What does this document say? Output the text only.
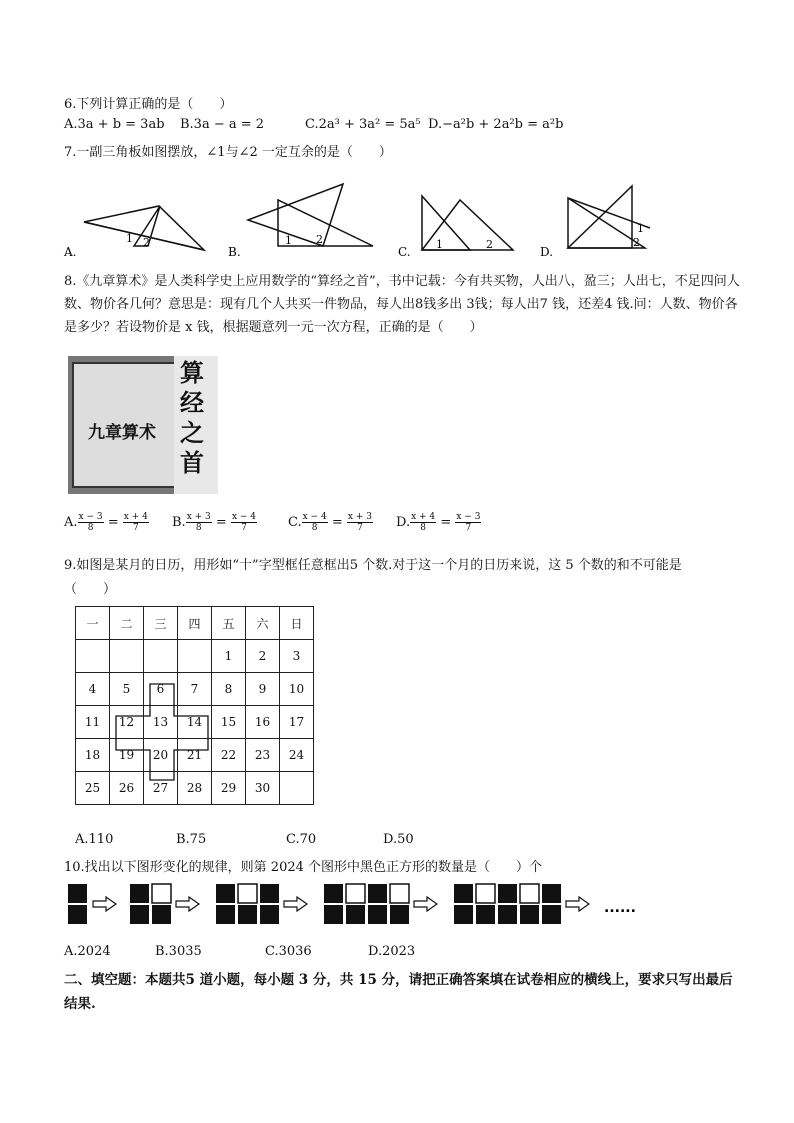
6.下列计算正确的是（　　）
A.3a + b = 3ab B.3a − a = 2	C.2a³ + 3a² = 5a⁵ D.−a²b + 2a²b = a²b
7.一副三角板如图摆放，∠1与∠2 一定互余的是（　　）
1 2
A.
1 2
B.
1	2
C.
1
2
D.
8.《九章算术》是人类科学史上应用数学的“算经之首”，书中记载：今有共买物，人出八，盈三；人出七，不足四问人数、物价各几何？意思是：现有几个人共买一件物品，每人出8钱多出 3钱；每人出7 钱，还差4 钱.问：人数、物价各是多少？若设物价是 x 钱，根据题意列一元一次方程，正确的是（　　）
九章算术
算经之首
A. $\frac{x - 3}{8} = \frac{x + 4}{7} B$. $\frac{x + 3}{8} = \frac{x - 4}{7} C$. $\frac{x - 4}{8} = \frac{x + 3}{7} D$. $\frac{x + 4}{8} = \frac{x - 3}{7}$
9.如图是某月的日历，用形如“十”字型框任意框出5 个数.对于这一个月的日历来说，这 5 个数的和不可能是
（　　）
一	二	三	四	五	六	日
				1	2	3
4	5	6	7	8	9	10
11	12	13	14	15	16	17
18	19	20	21	22	23	24
25	26	27	28	29	30	
A.110	B.75	C.70	D.50
10.找出以下图形变化的规律，则第 2024 个图形中黑色正方形的数量是（　　）个
......
A.2024	B.3035	C.3036	D.2023
二、填空题：本题共5 道小题，每小题 3 分，共 15 分，请把正确答案填在试卷相应的横线上，要求只写出最后结果.
